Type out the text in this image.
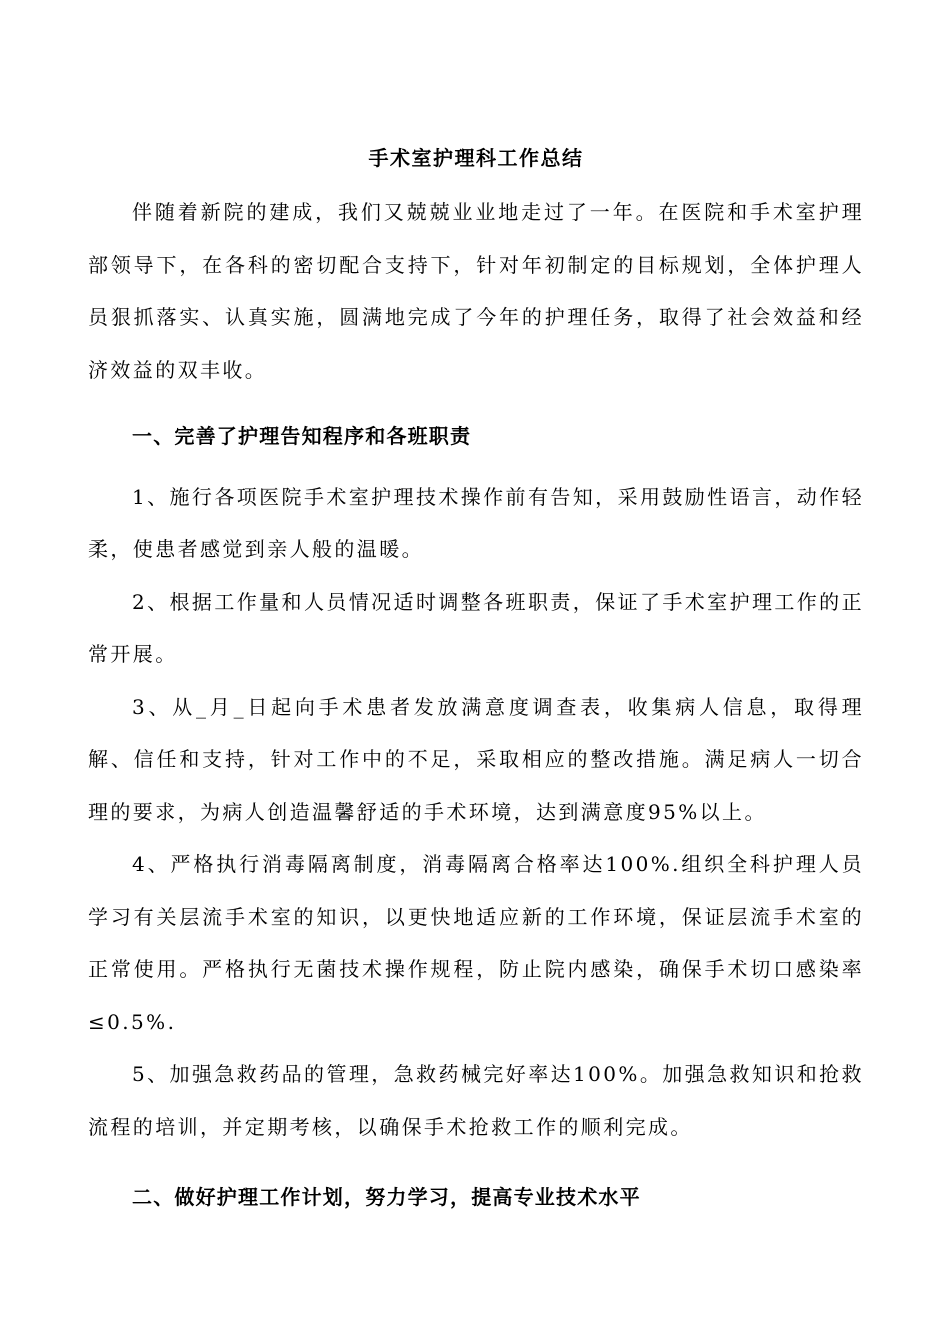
手术室护理科工作总结

伴随着新院的建成，我们又兢兢业业地走过了一年。在医院和手术室护理部领导下，在各科的密切配合支持下，针对年初制定的目标规划，全体护理人员狠抓落实、认真实施，圆满地完成了今年的护理任务，取得了社会效益和经济效益的双丰收。

一、完善了护理告知程序和各班职责

1、施行各项医院手术室护理技术操作前有告知，采用鼓励性语言，动作轻柔，使患者感觉到亲人般的温暖。

2、根据工作量和人员情况适时调整各班职责，保证了手术室护理工作的正常开展。

3、从_月_日起向手术患者发放满意度调查表，收集病人信息，取得理解、信任和支持，针对工作中的不足，采取相应的整改措施。满足病人一切合理的要求，为病人创造温馨舒适的手术环境，达到满意度95%以上。

4、严格执行消毒隔离制度，消毒隔离合格率达100%.组织全科护理人员学习有关层流手术室的知识，以更快地适应新的工作环境，保证层流手术室的正常使用。严格执行无菌技术操作规程，防止院内感染，确保手术切口感染率≤0.5%.

5、加强急救药品的管理，急救药械完好率达100%。加强急救知识和抢救流程的培训，并定期考核，以确保手术抢救工作的顺利完成。

二、做好护理工作计划，努力学习，提高专业技术水平
